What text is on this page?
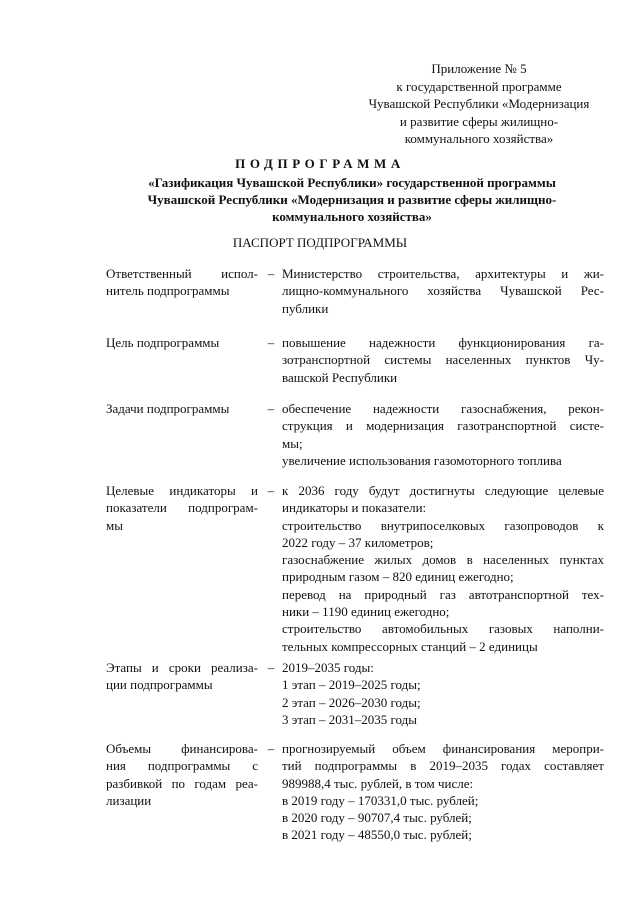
Приложение № 5
к государственной программе
Чувашской Республики «Модернизация
и развитие сферы жилищно-
коммунального хозяйства»
ПОДПРОГРАММА
«Газификация Чувашской Республики» государственной программы
Чувашской Республики «Модернизация и развитие сферы жилищно-
коммунального хозяйства»
ПАСПОРТ ПОДПРОГРАММЫ
Ответственный испол-
нитель подпрограммы
– Министерство строительства, архитектуры и жи-
лищно-коммунального хозяйства Чувашской Рес-
публики
Цель подпрограммы	– повышение надежности функционирования га-
зотранспортной системы населенных пунктов Чу-
вашской Республики
Задачи подпрограммы	– обеспечение надежности газоснабжения, рекон-
струкция и модернизация газотранспортной систе-
мы;
увеличение использования газомоторного топлива
Целевые индикаторы и
показатели подпрограм-
мы
– к 2036 году будут достигнуты следующие целевые
индикаторы и показатели:
строительство внутрипоселковых газопроводов к
2022 году – 37 километров;
газоснабжение жилых домов в населенных пунктах
природным газом – 820 единиц ежегодно;
перевод на природный газ автотранспортной тех-
ники – 1190 единиц ежегодно;
строительство автомобильных газовых наполни-
тельных компрессорных станций – 2 единицы
Этапы и сроки реализа-
ции подпрограммы
– 2019–2035 годы:
1 этап – 2019–2025 годы;
2 этап – 2026–2030 годы;
3 этап – 2031–2035 годы
Объемы финансирова-
ния подпрограммы с
разбивкой по годам реа-
лизации
– прогнозируемый объем финансирования меропри-
тий подпрограммы в 2019–2035 годах составляет
989988,4 тыс. рублей, в том числе:
в 2019 году – 170331,0 тыс. рублей;
в 2020 году – 90707,4 тыс. рублей;
в 2021 году – 48550,0 тыс. рублей;
